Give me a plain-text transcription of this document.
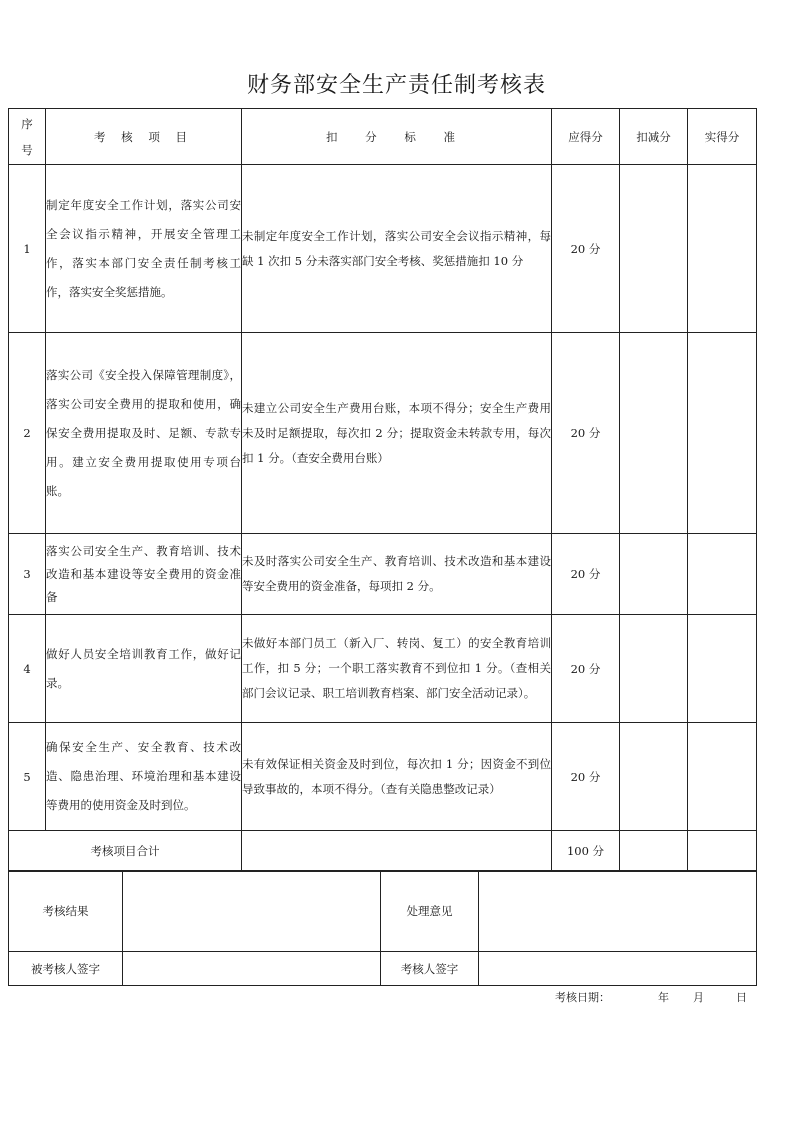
财务部安全生产责任制考核表
序
号	考 核 项 目	扣 分 标 准	应得分	扣减分	实得分
1	制定年度安全工作计划，落实公司安全会议指示精神，开展安全管理工作，落实本部门安全责任制考核工作，落实安全奖惩措施。	未制定年度安全工作计划，落实公司安全会议指示精神，每缺 1 次扣 5 分未落实部门安全考核、奖惩措施扣 10 分	20 分		
2	落实公司《安全投入保障管理制度》，落实公司安全费用的提取和使用，确保安全费用提取及时、足额、专款专用。建立安全费用提取使用专项台账。	未建立公司安全生产费用台账，本项不得分；安全生产费用未及时足额提取，每次扣 2 分；提取资金未转款专用，每次扣 1 分。（查安全费用台账）	20 分		
3	落实公司安全生产、教育培训、技术改造和基本建设等安全费用的资金准备	未及时落实公司安全生产、教育培训、技术改造和基本建设等安全费用的资金准备，每项扣 2 分。	20 分		
4	做好人员安全培训教育工作，做好记录。	未做好本部门员工（新入厂、转岗、复工）的安全教育培训工作，扣 5 分；一个职工落实教育不到位扣 1 分。（查相关部门会议记录、职工培训教育档案、部门安全活动记录）。	20 分		
5	确保安全生产、安全教育、技术改造、隐患治理、环境治理和基本建设等费用的使用资金及时到位。	未有效保证相关资金及时到位，每次扣 1 分；因资金不到位导致事故的，本项不得分。（查有关隐患整改记录）	20 分		
考核项目合计			100 分		
考核结果		处理意见	
被考核人签字		考核人签字	
考核日期：	年 月	日
